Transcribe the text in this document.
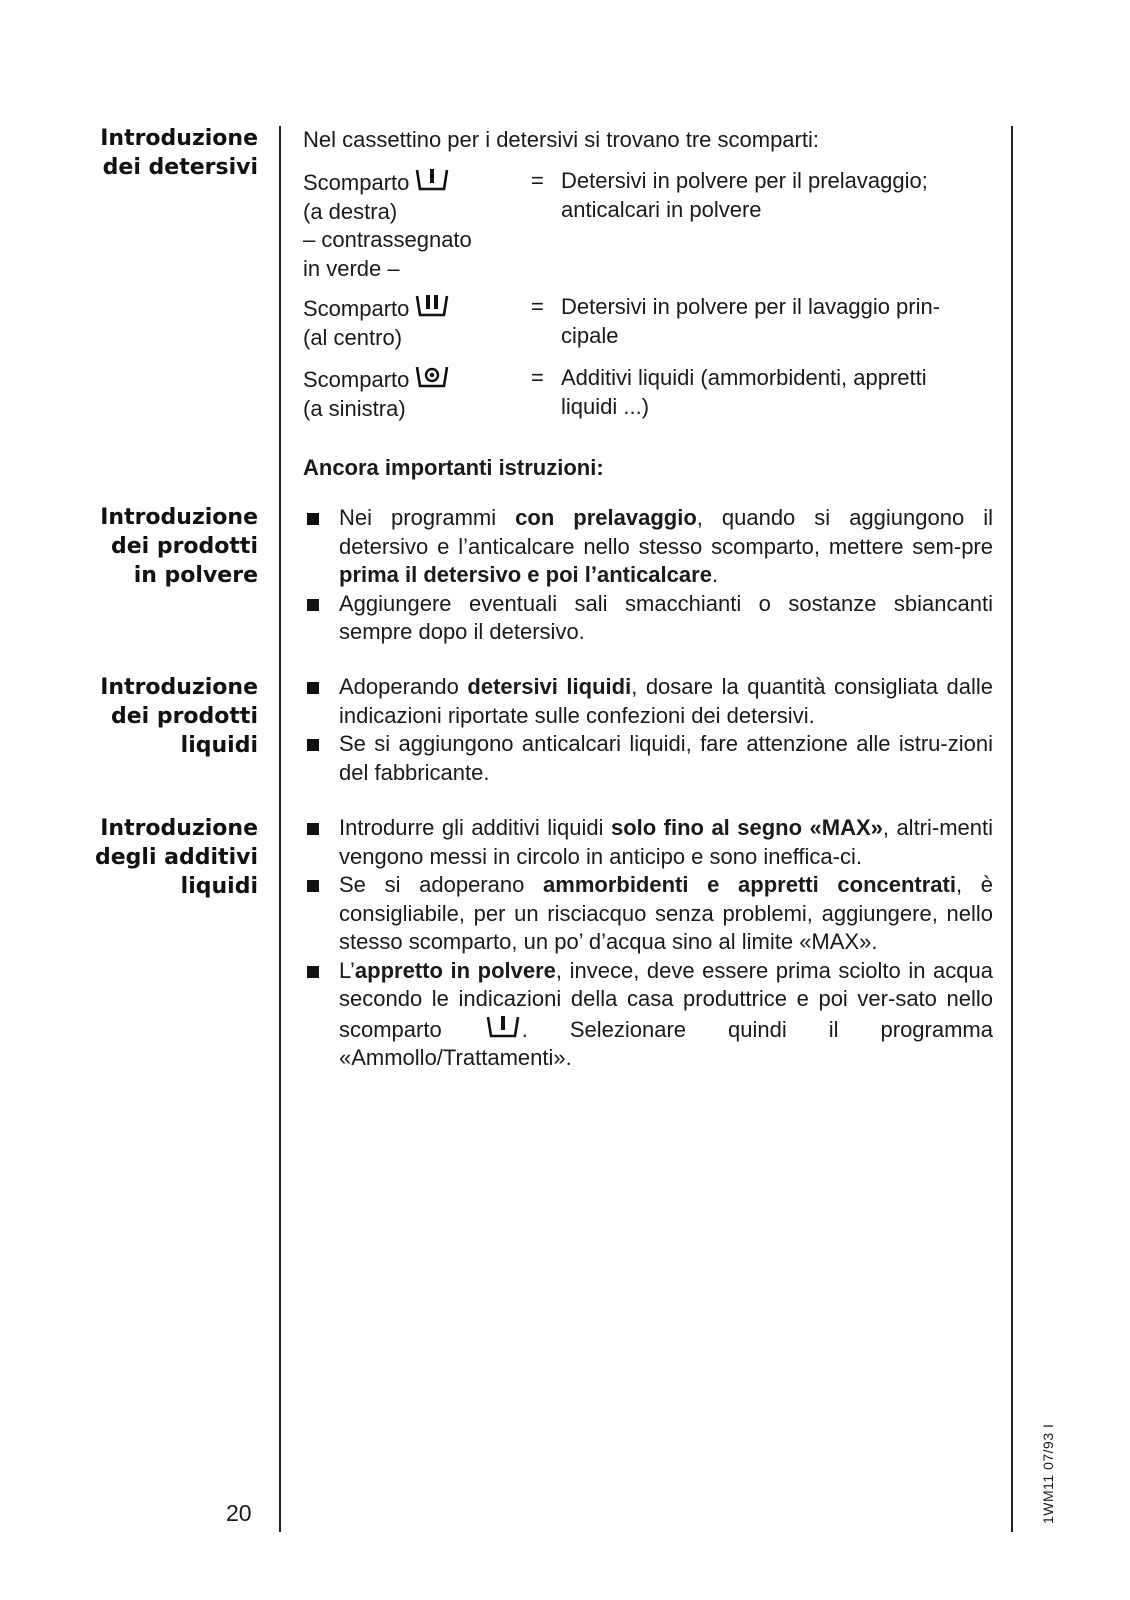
Introduzione
dei detersivi
Introduzione
dei prodotti
in polvere
Introduzione
dei prodotti
liquidi
Introduzione
degli additivi
liquidi
Nel cassettino per i detersivi si trovano tre scomparti:
Scomparto
(a destra)
– contrassegnato
in verde –
= Detersivi in polvere per il prelavaggio;
anticalcari in polvere
Scomparto
(al centro)
= Detersivi in polvere per il lavaggio prin-
cipale
Scomparto
(a sinistra)
= Additivi liquidi (ammorbidenti, appretti
liquidi ...)
Ancora importanti istruzioni:
Nei programmi con prelavaggio, quando si aggiungono il detersivo e l’anticalcare nello stesso scomparto, mettere sem-pre prima il detersivo e poi l’anticalcare.
Aggiungere eventuali sali smacchianti o sostanze sbiancanti sempre dopo il detersivo.
Adoperando detersivi liquidi, dosare la quantità consigliata dalle indicazioni riportate sulle confezioni dei detersivi.
Se si aggiungono anticalcari liquidi, fare attenzione alle istru-zioni del fabbricante.
Introdurre gli additivi liquidi solo fino al segno «MAX», altri-menti vengono messi in circolo in anticipo e sono ineffica-ci.
Se si adoperano ammorbidenti e appretti concentrati, è consigliabile, per un risciacquo senza problemi, aggiungere, nello stesso scomparto, un po’ d’acqua sino al limite «MAX».
L’appretto in polvere, invece, deve essere prima sciolto in acqua secondo le indicazioni della casa produttrice e poi ver-sato nello scomparto . Selezionare quindi il programma «Ammollo/Trattamenti».
20	1WM11 07/93 I
